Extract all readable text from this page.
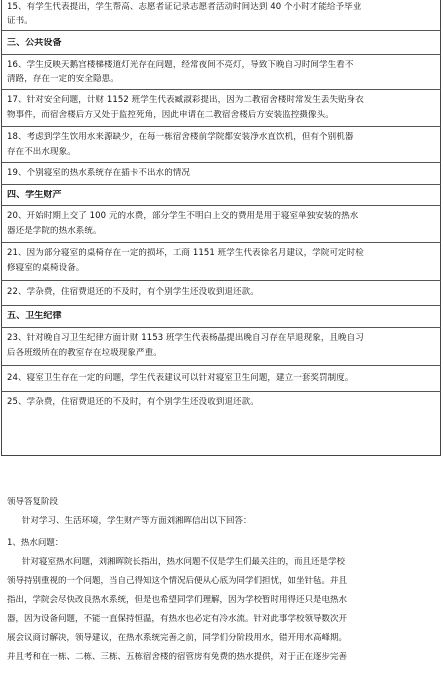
15、有学生代表提出，学生帮高、志愿者证记录志愿者活动时间达到 40 个小时才能给予毕业
证书。
三、公共设备
16、学生反映天鹅宫楼梯楼道灯光存在问题，经常夜间不亮灯，导致下晚自习时间学生看不
清路，存在一定的安全隐患。
17、针对安全问题，计财 1152 班学生代表臧淑彩提出，因为二教宿舍楼时常发生丢失贴身衣
物事件，而宿舍楼后方又处于监控死角，因此申请在二教宿舍楼后方安装监控摄像头。
18、考虑到学生饮用水来源缺少，在每一栋宿舍楼前学院都安装净水直饮机，但有个别机器
存在不出水现象。
19、个别寝室的热水系统存在插卡不出水的情况
四、学生财产
20、开始时期上交了 100 元的水费，部分学生不明白上交的费用是用于寝室单独安装的热水
器还是学院的热水系统。
21、因为部分寝室的桌椅存在一定的损坏，工商 1151 班学生代表徐名月建议，学院可定时检
修寝室的桌椅设备。
22、学杂费，住宿费退还的不及时，有个别学生还没收到退还款。
五、卫生纪律
23、针对晚自习卫生纪律方面计财 1153 班学生代表杨晶提出晚自习存在早退现象，且晚自习
后各班级所在的教室存在垃圾现象严重。
24、寝室卫生存在一定的问题，学生代表建议可以针对寝室卫生问题，建立一套奖罚制度。
25、学杂费，住宿费退还的不及时，有个别学生还没收到退还款。
领导答复阶段
针对学习、生活环境，学生财产等方面刘湘晖信出以下回答：
1、热水问题：
针对寝室热水问题，刘湘晖院长指出，热水问题不仅是学生们最关注的，而且还是学校
领导持别重视的一个问题，当自己得知这个情况后便从心底为同学们担忧，如坐针毡。并且
指出，学院会尽快改良热水系统，但是也希望同学们理解，因为学校暂时用得还只是电热水
器，因为设备问题，不能一直保持恒温，有热水也必定有冷水流。针对此事学校领导数次开
展会议商讨解决，领导建议，在热水系统完善之前，同学们分阶段用水，错开用水高峰期。
并且考和在一栋、二栋、三栋、五栋宿舍楼的宿管房有免费的热水提供，对于正在逐步完善
